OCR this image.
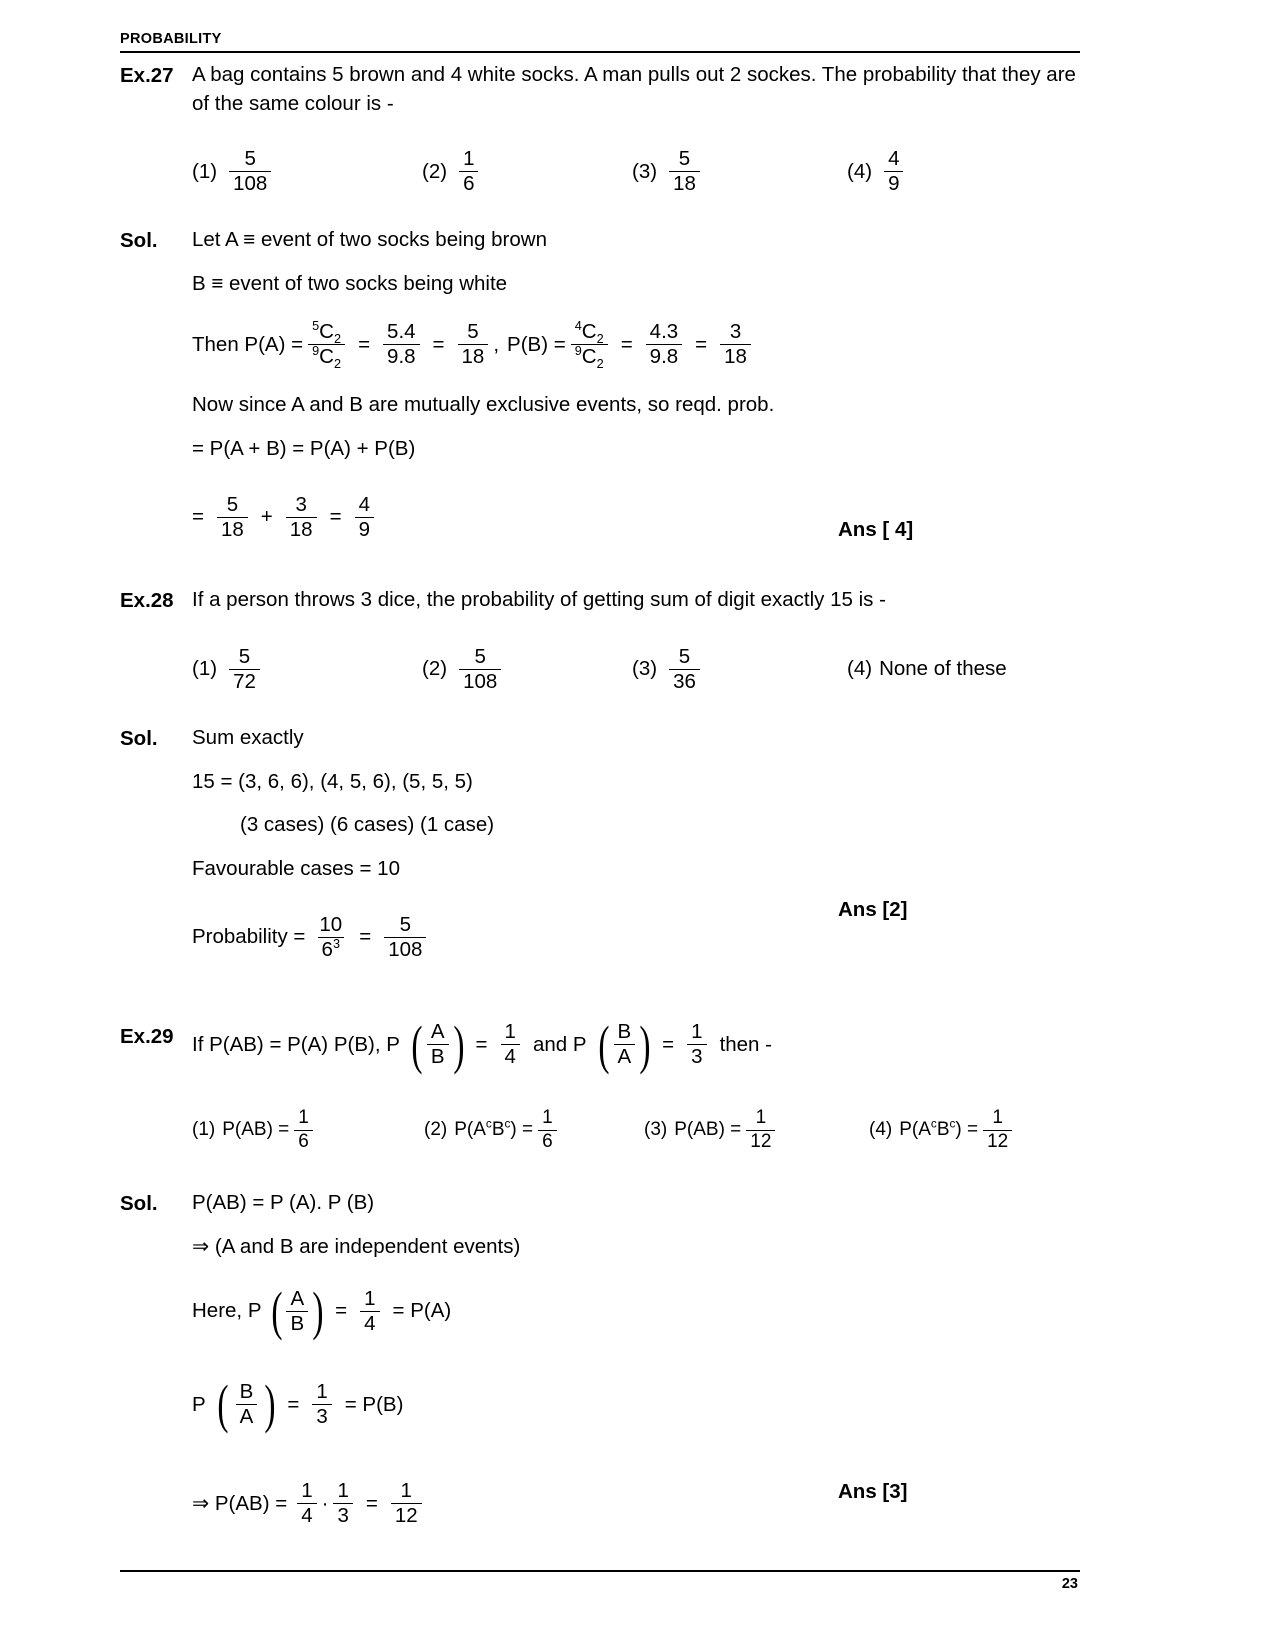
PROBABILITY
Ex.27 A bag contains 5 brown and 4 white socks. A man pulls out 2 sockes. The probability that they are of the same colour is -
$(1) \frac{5}{108}$	$(2) \frac{1}{6}$	$(3) \frac{5}{18}$	$(4) \frac{4}{9}$
Sol.	Let A ≡ event of two socks being brown
B ≡ event of two socks being white
Then $P(A) = \frac{^5C_2}{^9C_2} = \frac{5.4}{9.8} = \frac{5}{18}$ , $P(B) = \frac{^4C_2}{^9C_2} = \frac{4.3}{9.8} = \frac{3}{18}$
Now since A and B are mutually exclusive events, so reqd. prob.
= P(A + B) = P(A) + P(B)
= $\frac{5}{18} + \frac{3}{18} = \frac{4}{9}$
Ex.28 If a person throws 3 dice, the probability of getting sum of digit exactly 15 is -
$(1) \frac{5}{72}$	$(2) \frac{5}{108}$	$(3) \frac{5}{36}$	(4) None of these
Sol.	Sum exactly
15 = (3, 6, 6), (4, 5, 6), (5, 5, 5)
(3 cases) (6 cases) (1 case)
Favourable cases = 10
Probability = $\frac{10}{6^3} = \frac{5}{108}$
Ex.29 If P(AB) = P(A) P(B), P ( $\frac{A}{B}$ ) = $\frac{1}{4}$ and P ( $\frac{B}{A}$ ) = $\frac{1}{3}$ then -
(1) $P(AB) = \frac{1}{6}$	(2) $P(A^cB^c) = \frac{1}{6}$	(3) $P(AB) = \frac{1}{12}$	(4) $P(A^cB^c) = \frac{1}{12}$
Sol.	P(AB) = P (A). P (B)
⇒ (A and B are independent events)
Here, P ( $\frac{A}{B}$ ) = $\frac{1}{4} = P(A)$
P ( $\frac{B}{A}$ ) = $\frac{1}{3} = P(B)$
⇒ $P(AB) = \frac{1}{4} \cdot \frac{1}{3} = \frac{1}{12}$
Ans [ 4]
Ans [2]
Ans [3]
23
